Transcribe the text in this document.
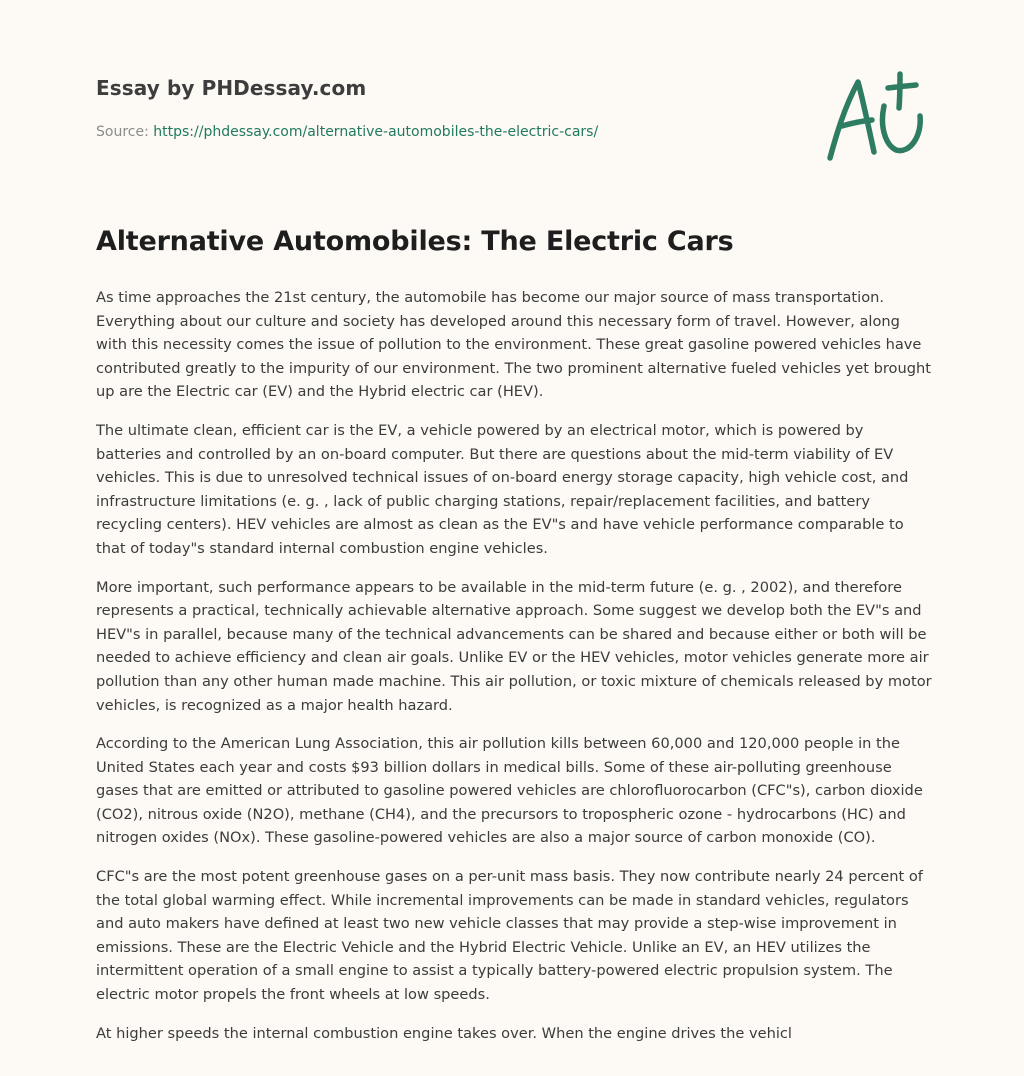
Essay by PHDessay.com
Source: https://phdessay.com/alternative-automobiles-the-electric-cars/
Alternative Automobiles: The Electric Cars

As time approaches the 21st century, the automobile has become our major source of mass transportation. Everything about our culture and society has developed around this necessary form of travel. However, along with this necessity comes the issue of pollution to the environment. These great gasoline powered vehicles have contributed greatly to the impurity of our environment. The two prominent alternative fueled vehicles yet brought up are the Electric car (EV) and the Hybrid electric car (HEV).

The ultimate clean, efficient car is the EV, a vehicle powered by an electrical motor, which is powered by batteries and controlled by an on-board computer. But there are questions about the mid-term viability of EV vehicles. This is due to unresolved technical issues of on-board energy storage capacity, high vehicle cost, and infrastructure limitations (e. g. , lack of public charging stations, repair/replacement facilities, and battery recycling centers). HEV vehicles are almost as clean as the EV"s and have vehicle performance comparable to that of today"s standard internal combustion engine vehicles.

More important, such performance appears to be available in the mid-term future (e. g. , 2002), and therefore represents a practical, technically achievable alternative approach. Some suggest we develop both the EV"s and HEV"s in parallel, because many of the technical advancements can be shared and because either or both will be needed to achieve efficiency and clean air goals. Unlike EV or the HEV vehicles, motor vehicles generate more air pollution than any other human made machine. This air pollution, or toxic mixture of chemicals released by motor vehicles, is recognized as a major health hazard.

According to the American Lung Association, this air pollution kills between 60,000 and 120,000 people in the United States each year and costs $93 billion dollars in medical bills. Some of these air-polluting greenhouse gases that are emitted or attributed to gasoline powered vehicles are chlorofluorocarbon (CFC"s), carbon dioxide (CO2), nitrous oxide (N2O), methane (CH4), and the precursors to tropospheric ozone - hydrocarbons (HC) and nitrogen oxides (NOx). These gasoline-powered vehicles are also a major source of carbon monoxide (CO).

CFC"s are the most potent greenhouse gases on a per-unit mass basis. They now contribute nearly 24 percent of the total global warming effect. While incremental improvements can be made in standard vehicles, regulators and auto makers have defined at least two new vehicle classes that may provide a step-wise improvement in emissions. These are the Electric Vehicle and the Hybrid Electric Vehicle. Unlike an EV, an HEV utilizes the intermittent operation of a small engine to assist a typically battery-powered electric propulsion system. The electric motor propels the front wheels at low speeds.

At higher speeds the internal combustion engine takes over. When the engine drives the vehicl
